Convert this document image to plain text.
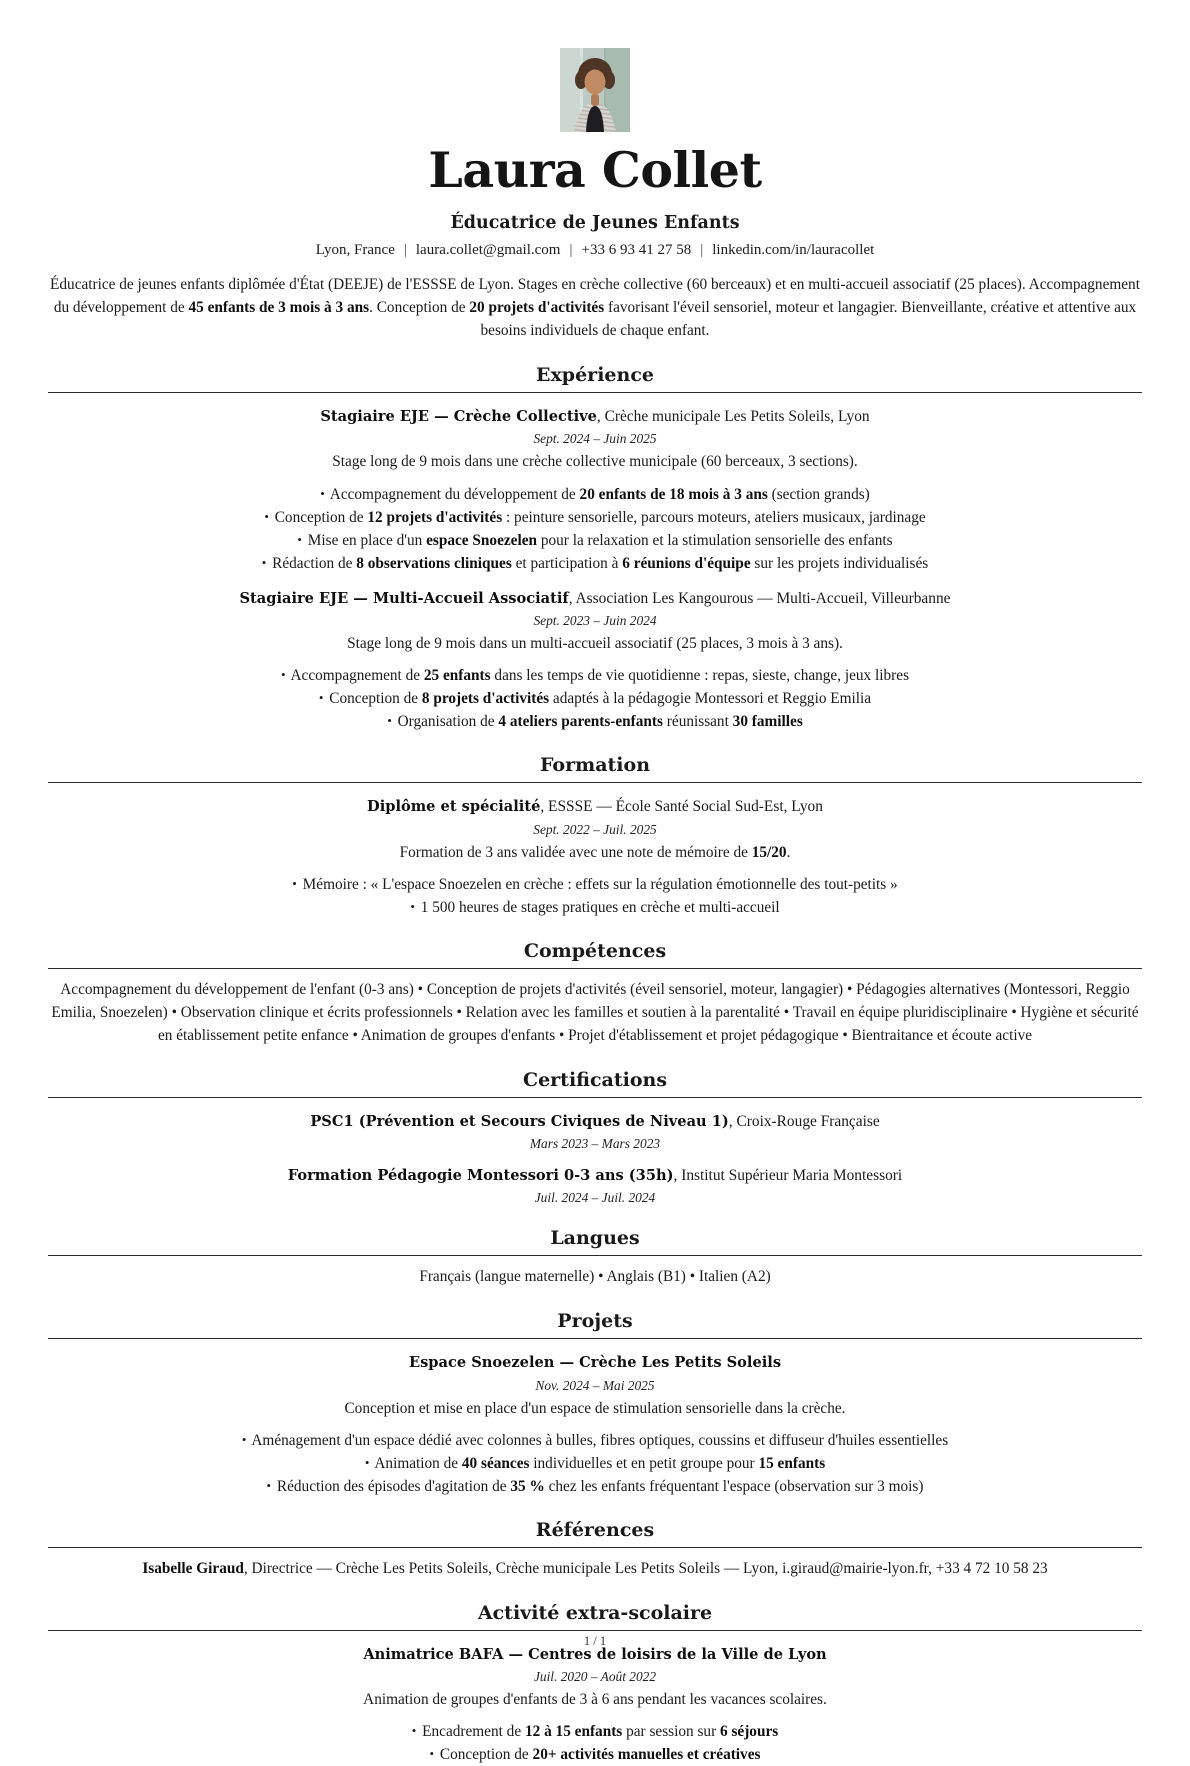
Laura Collet

Éducatrice de Jeunes Enfants

Lyon, France | laura.collet@gmail.com | +33 6 93 41 27 58 | linkedin.com/in/lauracollet

Éducatrice de jeunes enfants diplômée d'État (DEEJE) de l'ESSSE de Lyon. Stages en crèche collective (60 berceaux) et en multi-accueil associatif (25 places). Accompagnement du développement de 45 enfants de 3 mois à 3 ans. Conception de 20 projets d'activités favorisant l'éveil sensoriel, moteur et langagier. Bienveillante, créative et attentive aux besoins individuels de chaque enfant.

Expérience

Stagiaire EJE — Crèche Collective, Crèche municipale Les Petits Soleils, Lyon

Sept. 2024 – Juin 2025

Stage long de 9 mois dans une crèche collective municipale (60 berceaux, 3 sections).

• Accompagnement du développement de 20 enfants de 18 mois à 3 ans (section grands)
• Conception de 12 projets d'activités : peinture sensorielle, parcours moteurs, ateliers musicaux, jardinage
• Mise en place d'un espace Snoezelen pour la relaxation et la stimulation sensorielle des enfants
• Rédaction de 8 observations cliniques et participation à 6 réunions d'équipe sur les projets individualisés

Stagiaire EJE — Multi-Accueil Associatif, Association Les Kangourous — Multi-Accueil, Villeurbanne

Sept. 2023 – Juin 2024

Stage long de 9 mois dans un multi-accueil associatif (25 places, 3 mois à 3 ans).

• Accompagnement de 25 enfants dans les temps de vie quotidienne : repas, sieste, change, jeux libres
• Conception de 8 projets d'activités adaptés à la pédagogie Montessori et Reggio Emilia
• Organisation de 4 ateliers parents-enfants réunissant 30 familles
Formation

Diplôme et spécialité, ESSSE — École Santé Social Sud-Est, Lyon

Sept. 2022 – Juil. 2025

Formation de 3 ans validée avec une note de mémoire de 15/20.

• Mémoire : « L'espace Snoezelen en crèche : effets sur la régulation émotionnelle des tout-petits »
• 1 500 heures de stages pratiques en crèche et multi-accueil
Compétences

Accompagnement du développement de l'enfant (0-3 ans) • Conception de projets d'activités (éveil sensoriel, moteur, langagier) • Pédagogies alternatives (Montessori, Reggio Emilia, Snoezelen) • Observation clinique et écrits professionnels • Relation avec les familles et soutien à la parentalité • Travail en équipe pluridisciplinaire • Hygiène et sécurité en établissement petite enfance • Animation de groupes d'enfants • Projet d'établissement et projet pédagogique • Bientraitance et écoute active

Certifications

PSC1 (Prévention et Secours Civiques de Niveau 1), Croix-Rouge Française

Mars 2023 – Mars 2023

Formation Pédagogie Montessori 0-3 ans (35h), Institut Supérieur Maria Montessori

Juil. 2024 – Juil. 2024

Langues

Français (langue maternelle) • Anglais (B1) • Italien (A2)

Projets

Espace Snoezelen — Crèche Les Petits Soleils

Nov. 2024 – Mai 2025

Conception et mise en place d'un espace de stimulation sensorielle dans la crèche.

• Aménagement d'un espace dédié avec colonnes à bulles, fibres optiques, coussins et diffuseur d'huiles essentielles
• Animation de 40 séances individuelles et en petit groupe pour 15 enfants
• Réduction des épisodes d'agitation de 35 % chez les enfants fréquentant l'espace (observation sur 3 mois)
Références

Isabelle Giraud, Directrice — Crèche Les Petits Soleils, Crèche municipale Les Petits Soleils — Lyon, i.giraud@mairie-lyon.fr, +33 4 72 10 58 23

Activité extra-scolaire

Animatrice BAFA — Centres de loisirs de la Ville de Lyon

Juil. 2020 – Août 2022

Animation de groupes d'enfants de 3 à 6 ans pendant les vacances scolaires.

• Encadrement de 12 à 15 enfants par session sur 6 séjours
• Conception de 20+ activités manuelles et créatives
1 / 1
